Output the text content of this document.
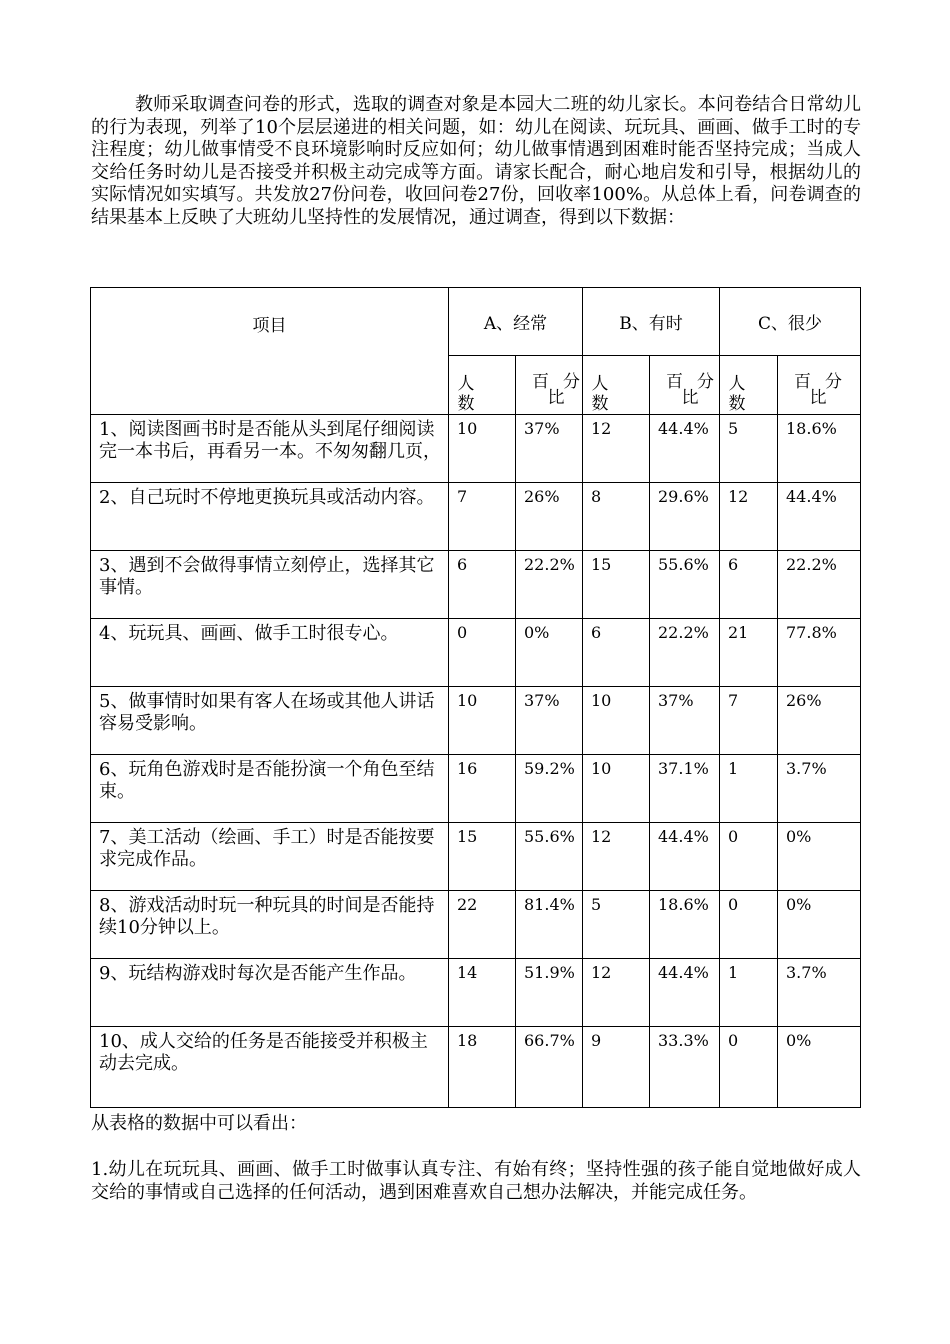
教师采取调查问卷的形式，选取的调查对象是本园大二班的幼儿家长。本问卷结合日常幼儿的行为表现，列举了10个层层递进的相关问题，如：幼儿在阅读、玩玩具、画画、做手工时的专注程度；幼儿做事情受不良环境影响时反应如何；幼儿做事情遇到困难时能否坚持完成；当成人交给任务时幼儿是否接受并积极主动完成等方面。请家长配合，耐心地启发和引导，根据幼儿的实际情况如实填写。共发放27份问卷，收回问卷27份，回收率100%。从总体上看，问卷调查的结果基本上反映了大班幼儿坚持性的发展情况，通过调查，得到以下数据：

项目	A、经常		B、有时		C、很少	

	人数	百分比	人数	百分比	人数	百分比

1、阅读图画书时是否能从头到尾仔细阅读完一本书后，再看另一本。不匆匆翻几页，	10	37%	12	44.4%	5	18.6%

2、自己玩时不停地更换玩具或活动内容。	7	26%	8	29.6%	12	44.4%

3、遇到不会做得事情立刻停止，选择其它事情。	6	22.2%	15	55.6%	6	22.2%

4、玩玩具、画画、做手工时很专心。	0	0%	6	22.2%	21	77.8%

5、做事情时如果有客人在场或其他人讲话容易受影响。	10	37%	10	37%	7	26%

6、玩角色游戏时是否能扮演一个角色至结束。	16	59.2%	10	37.1%	1	3.7%

7、美工活动（绘画、手工）时是否能按要求完成作品。	15	55.6%	12	44.4%	0	0%

8、游戏活动时玩一种玩具的时间是否能持续10分钟以上。	22	81.4%	5	18.6%	0	0%

9、玩结构游戏时每次是否能产生作品。	14	51.9%	12	44.4%	1	3.7%

10、成人交给的任务是否能接受并积极主动去完成。	18	66.7%	9	33.3%	0	0%

从表格的数据中可以看出：

1.幼儿在玩玩具、画画、做手工时做事认真专注、有始有终；坚持性强的孩子能自觉地做好成人交给的事情或自己选择的任何活动，遇到困难喜欢自己想办法解决，并能完成任务。
